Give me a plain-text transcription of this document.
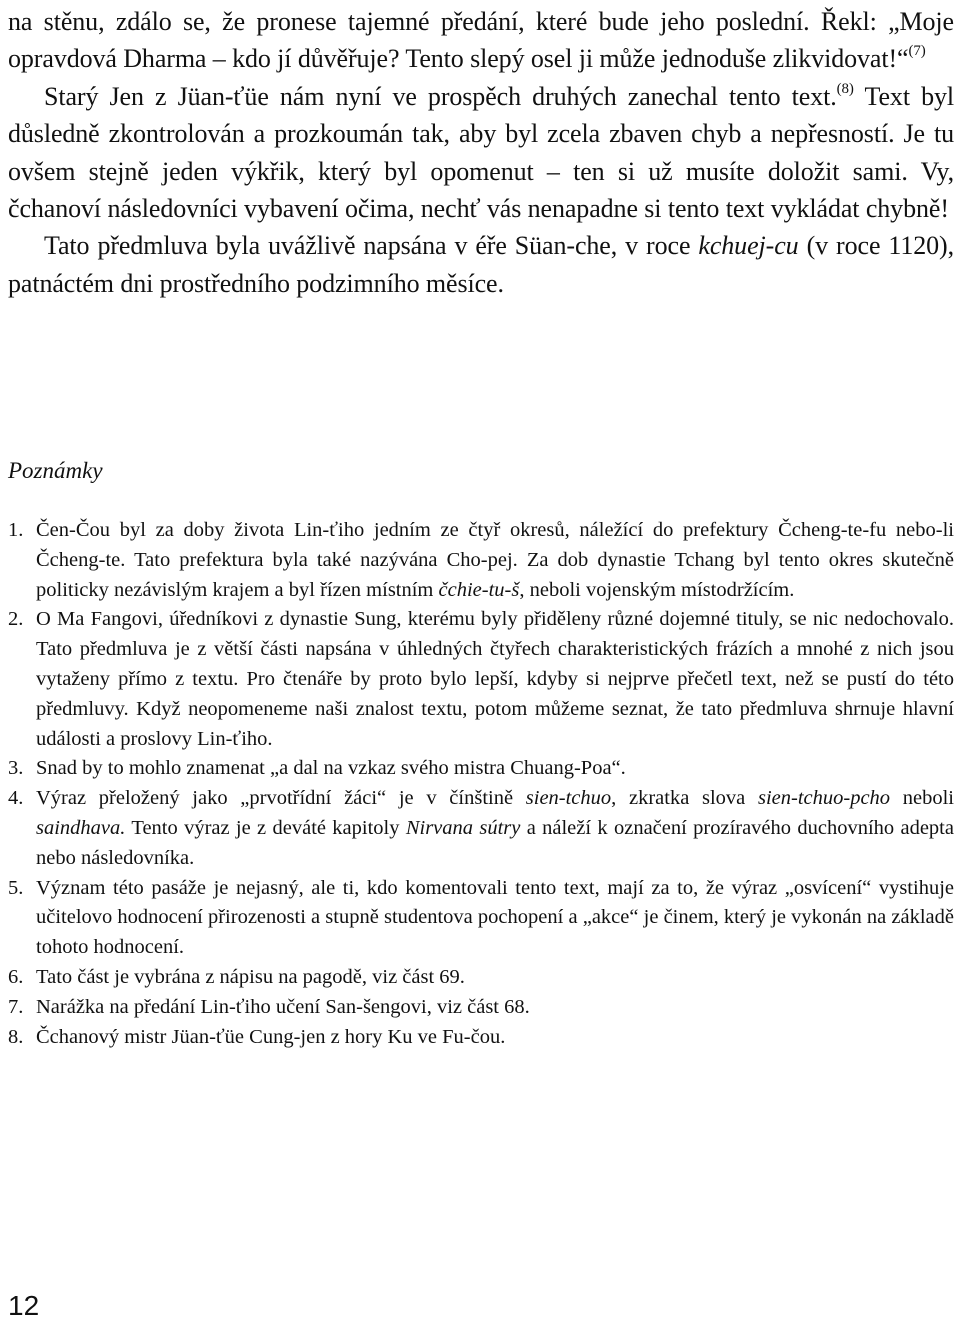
na stěnu, zdálo se, že pronese tajemné předání, které bude jeho poslední. Řekl: „Moje opravdová Dharma – kdo jí důvěřuje? Tento slepý osel ji může jednoduše zlikvidovat!“$^{(7)}$

Starý Jen z Jüan-ťüe nám nyní ve prospěch druhých zanechal tento text.$^{(8)}$ Text byl důsledně zkontrolován a prozkoumán tak, aby byl zcela zbaven chyb a nepřesností. Je tu ovšem stejně jeden výkřik, který byl opomenut – ten si už musíte doložit sami. Vy, čchanoví následovníci vybavení očima, nechť vás nenapadne si tento text vykládat chybně!

Tato předmluva byla uvážlivě napsána v éře Süan-che, v roce kchuej-cu (v roce 1120), patnáctém dni prostředního podzimního měsíce.

Poznámky

1. Čen-Čou byl za doby života Lin-ťiho jedním ze čtyř okresů, náležící do prefektury Čcheng-te-fu nebo-li Čcheng-te. Tato prefektura byla také nazývána Cho-pej. Za dob dynastie Tchang byl tento okres skutečně politicky nezávislým krajem a byl řízen místním čchie-tu-š, neboli vojenským místodržícím.

2. O Ma Fangovi, úředníkovi z dynastie Sung, kterému byly přiděleny různé dojemné tituly, se nic nedochovalo. Tato předmluva je z větší části napsána v úhledných čtyřech charakteristických frázích a mnohé z nich jsou vytaženy přímo z textu. Pro čtenáře by proto bylo lepší, kdyby si nejprve přečetl text, než se pustí do této předmluvy. Když neopomeneme naši znalost textu, potom můžeme seznat, že tato předmluva shrnuje hlavní události a proslovy Lin-ťiho.

3. Snad by to mohlo znamenat „a dal na vzkaz svého mistra Chuang-Poa“.

4. Výraz přeložený jako „prvotřídní žáci“ je v čínštině sien-tchuo, zkratka slova sien-tchuo-pcho neboli saindhava. Tento výraz je z deváté kapitoly Nirvana sútry a náleží k označení prozíravého duchovního adepta nebo následovníka.

5. Význam této pasáže je nejasný, ale ti, kdo komentovali tento text, mají za to, že výraz „osvícení“ vystihuje učitelovo hodnocení přirozenosti a stupně studentova pochopení a „akce“ je činem, který je vykonán na základě tohoto hodnocení.

6. Tato část je vybrána z nápisu na pagodě, viz část 69.

7. Narážka na předání Lin-ťiho učení San-šengovi, viz část 68.

8. Čchanový mistr Jüan-ťüe Cung-jen z hory Ku ve Fu-čou.

12
